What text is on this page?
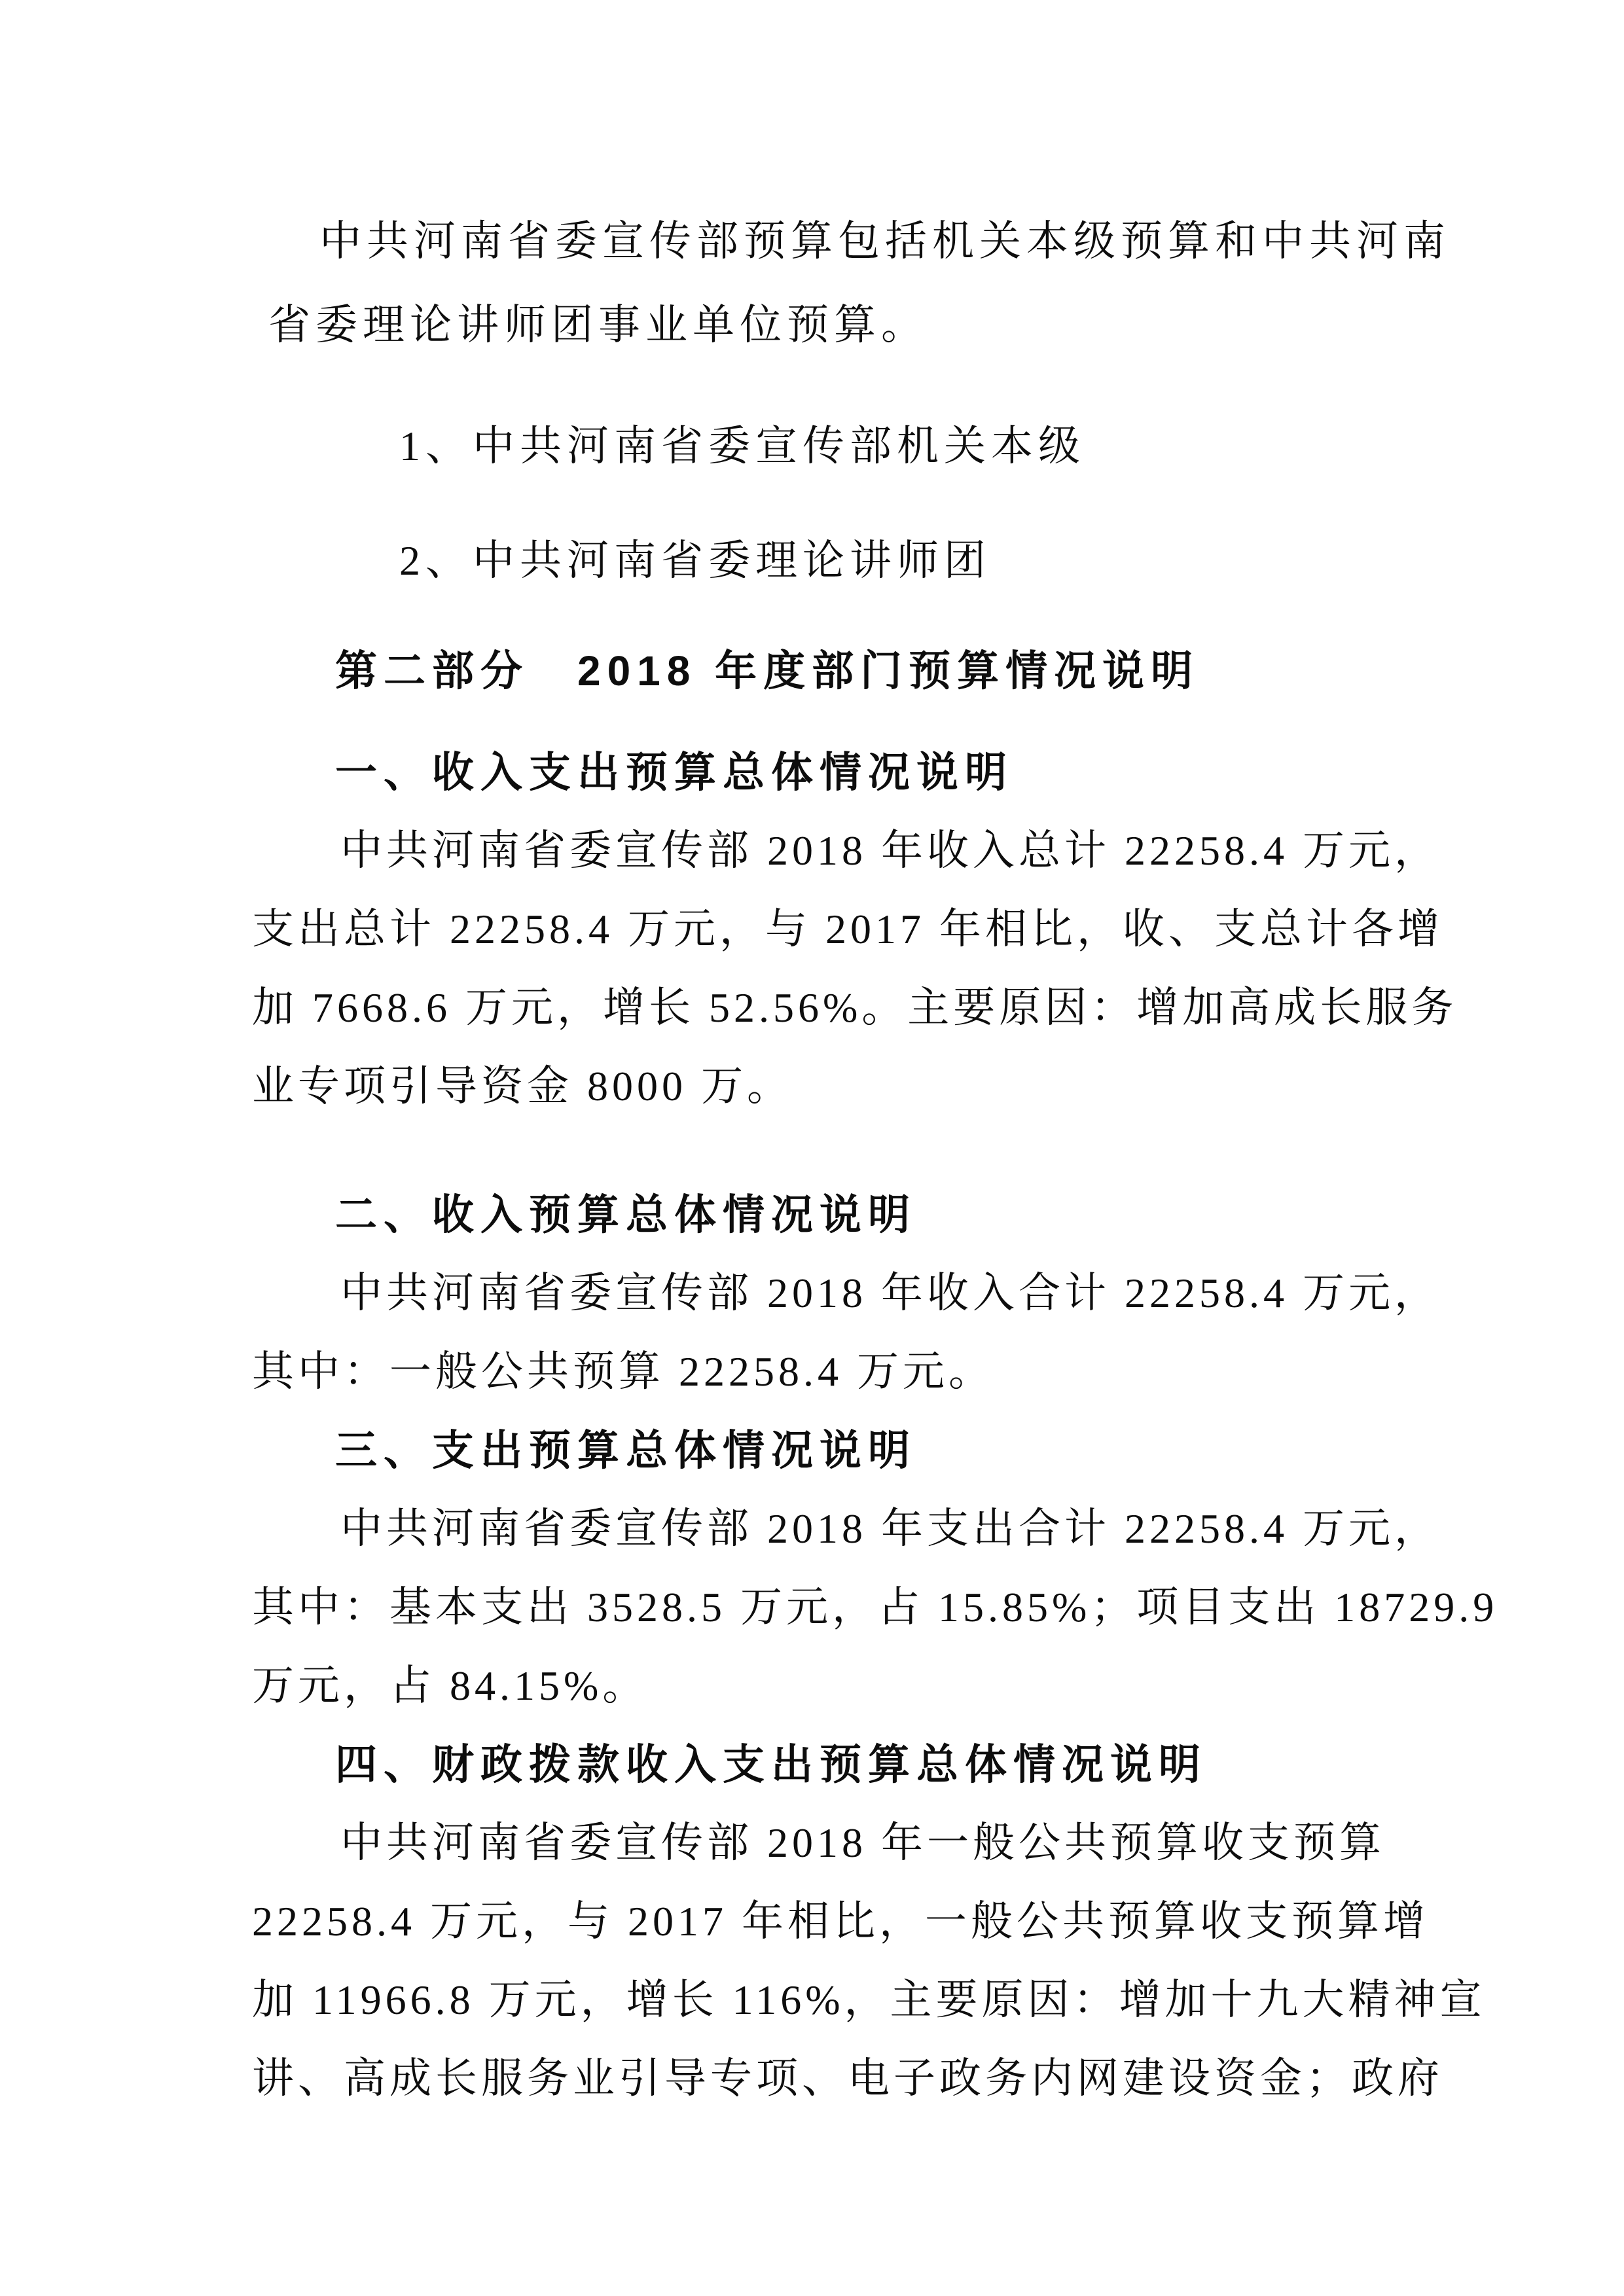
中共河南省委宣传部预算包括机关本级预算和中共河南
省委理论讲师团事业单位预算。
1、中共河南省委宣传部机关本级
2、中共河南省委理论讲师团
第二部分　2018 年度部门预算情况说明
一、收入支出预算总体情况说明
中共河南省委宣传部 2018 年收入总计 22258.4 万元，
支出总计 22258.4 万元，与 2017 年相比，收、支总计各增
加 7668.6 万元，增长 52.56%。主要原因：增加高成长服务
业专项引导资金 8000 万。
二、收入预算总体情况说明
中共河南省委宣传部 2018 年收入合计 22258.4 万元，
其中：一般公共预算 22258.4 万元。
三、支出预算总体情况说明
中共河南省委宣传部 2018 年支出合计 22258.4 万元，
其中：基本支出 3528.5 万元，占 15.85%；项目支出 18729.9
万元，占 84.15%。
四、财政拨款收入支出预算总体情况说明
中共河南省委宣传部 2018 年一般公共预算收支预算
22258.4 万元，与 2017 年相比，一般公共预算收支预算增
加 11966.8 万元，增长 116%，主要原因：增加十九大精神宣
讲、高成长服务业引导专项、电子政务内网建设资金；政府
